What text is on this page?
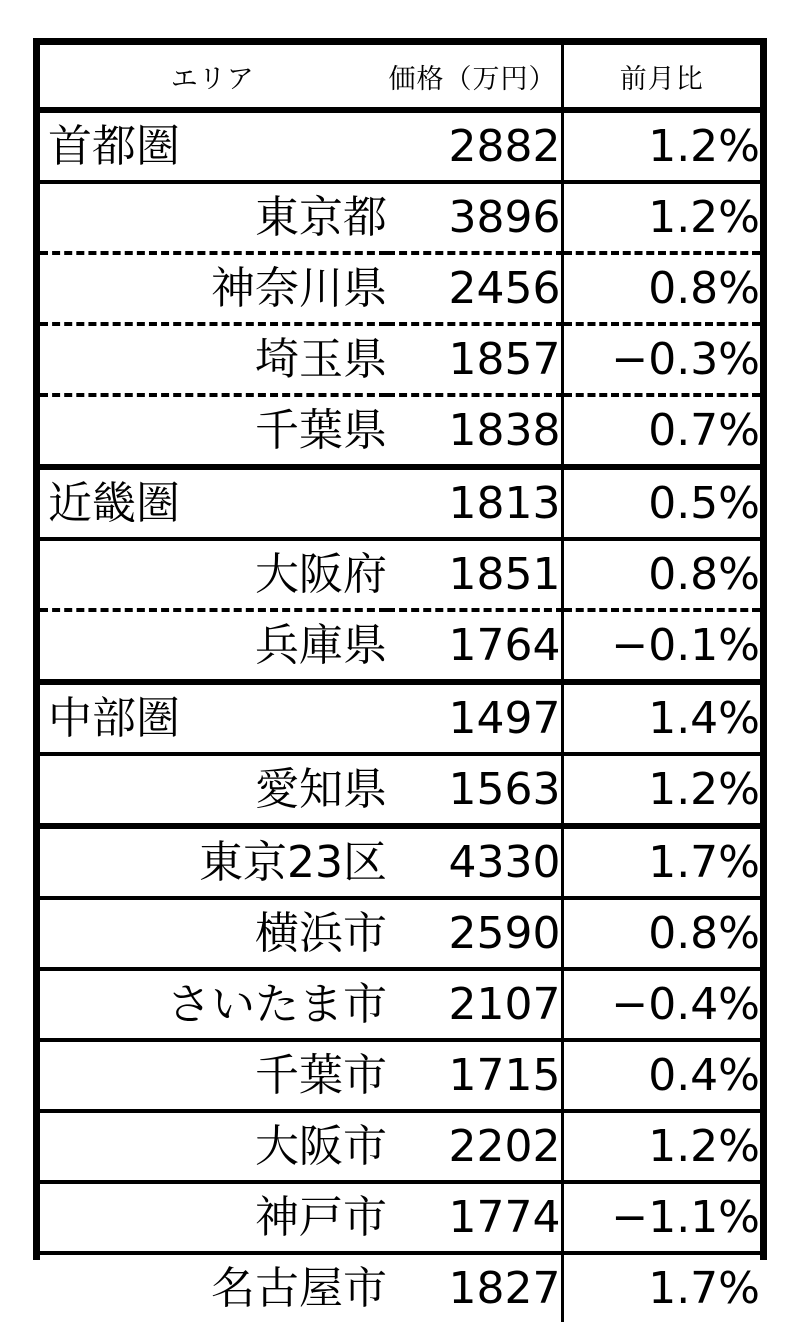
エリア	価格（万円）	前月比
首都圏	2882	1.2%
東京都	3896	1.2%
神奈川県	2456	0.8%
埼玉県	1857	−0.3%
千葉県	1838	0.7%
近畿圏	1813	0.5%
大阪府	1851	0.8%
兵庫県	1764	−0.1%
中部圏	1497	1.4%
愛知県	1563	1.2%
東京23区	4330	1.7%
横浜市	2590	0.8%
さいたま市	2107	−0.4%
千葉市	1715	0.4%
大阪市	2202	1.2%
神戸市	1774	−1.1%
名古屋市	1827	1.7%
